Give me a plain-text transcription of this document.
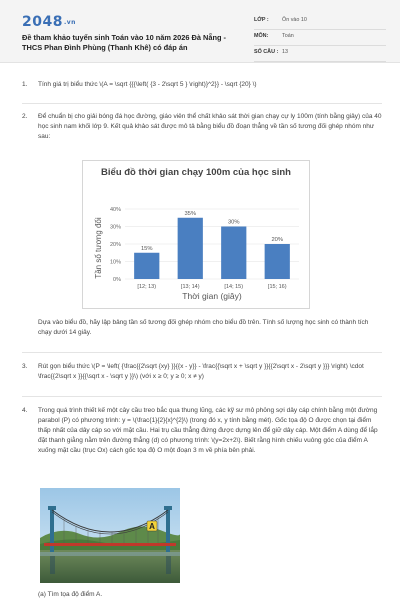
2048.vn
Đề tham khảo tuyển sinh Toán vào 10 năm 2026 Đà Nẵng - THCS Phan Đình Phùng (Thanh Khê) có đáp án
LỚP : Ôn vào 10
MÔN:	Toán
SỐ CÂU : 13
1. Tính giá trị biểu thức \(A = \sqrt {{{\left( {3 - 2\sqrt 5 } \right)}^2}} - \sqrt {20} \)
2. Để chuẩn bị cho giải bóng đá học đường, giáo viên thể chất khảo sát thời gian chạy cự ly 100m (tính bằng giây) của 40 học sinh nam khối lớp 9. Kết quả khảo sát được mô tả bằng biểu đồ đoạn thẳng về tần số tương đối ghép nhóm như sau:
Biểu đồ thời gian chạy 100m của học sinh
0%
10%
20%
30%
40%
15%
[12; 13)
35%
[13; 14)
30%
[14; 15)
20%
[15; 16)
Thời gian (giây)
Tần số tương đối
Dựa vào biểu đồ, hãy lập bảng tần số tương đối ghép nhóm cho biểu đồ trên. Tính số lượng học sinh có thành tích chạy dưới 14 giây.
3. Rút gọn biểu thức \(P = \left( {\frac{{2\sqrt {xy} }}{{x - y}} - \frac{{\sqrt x + \sqrt y }}{{2\sqrt x - 2\sqrt y }}} \right) \cdot \frac{{2\sqrt x }}{{\sqrt x - \sqrt y }}\) (với x ≥ 0; y ≥ 0; x ≠ y)
4. Trong quá trình thiết kế một cây cầu treo bắc qua thung lũng, các kỹ sư mô phỏng sợi dây cáp chính bằng một đường parabol (P) có phương trình: y = \(\frac{1}{2}{x}^{2}\) (trong đó x, y tính bằng mét). Gốc tọa độ O được chọn tại điểm thấp nhất của dây cáp so với mặt cầu. Hai trụ cầu thẳng đứng được dựng lên để giữ dây cáp. Một điểm A dùng để lắp đặt thanh giằng nằm trên đường thẳng (d) có phương trình: \(y=2x+2\). Biết rằng hình chiếu vuông góc của điểm A xuống mặt cầu (trục Ox) cách gốc tọa độ O một đoạn 3 m về phía bên phải.
A
(a) Tìm tọa độ điểm A.
